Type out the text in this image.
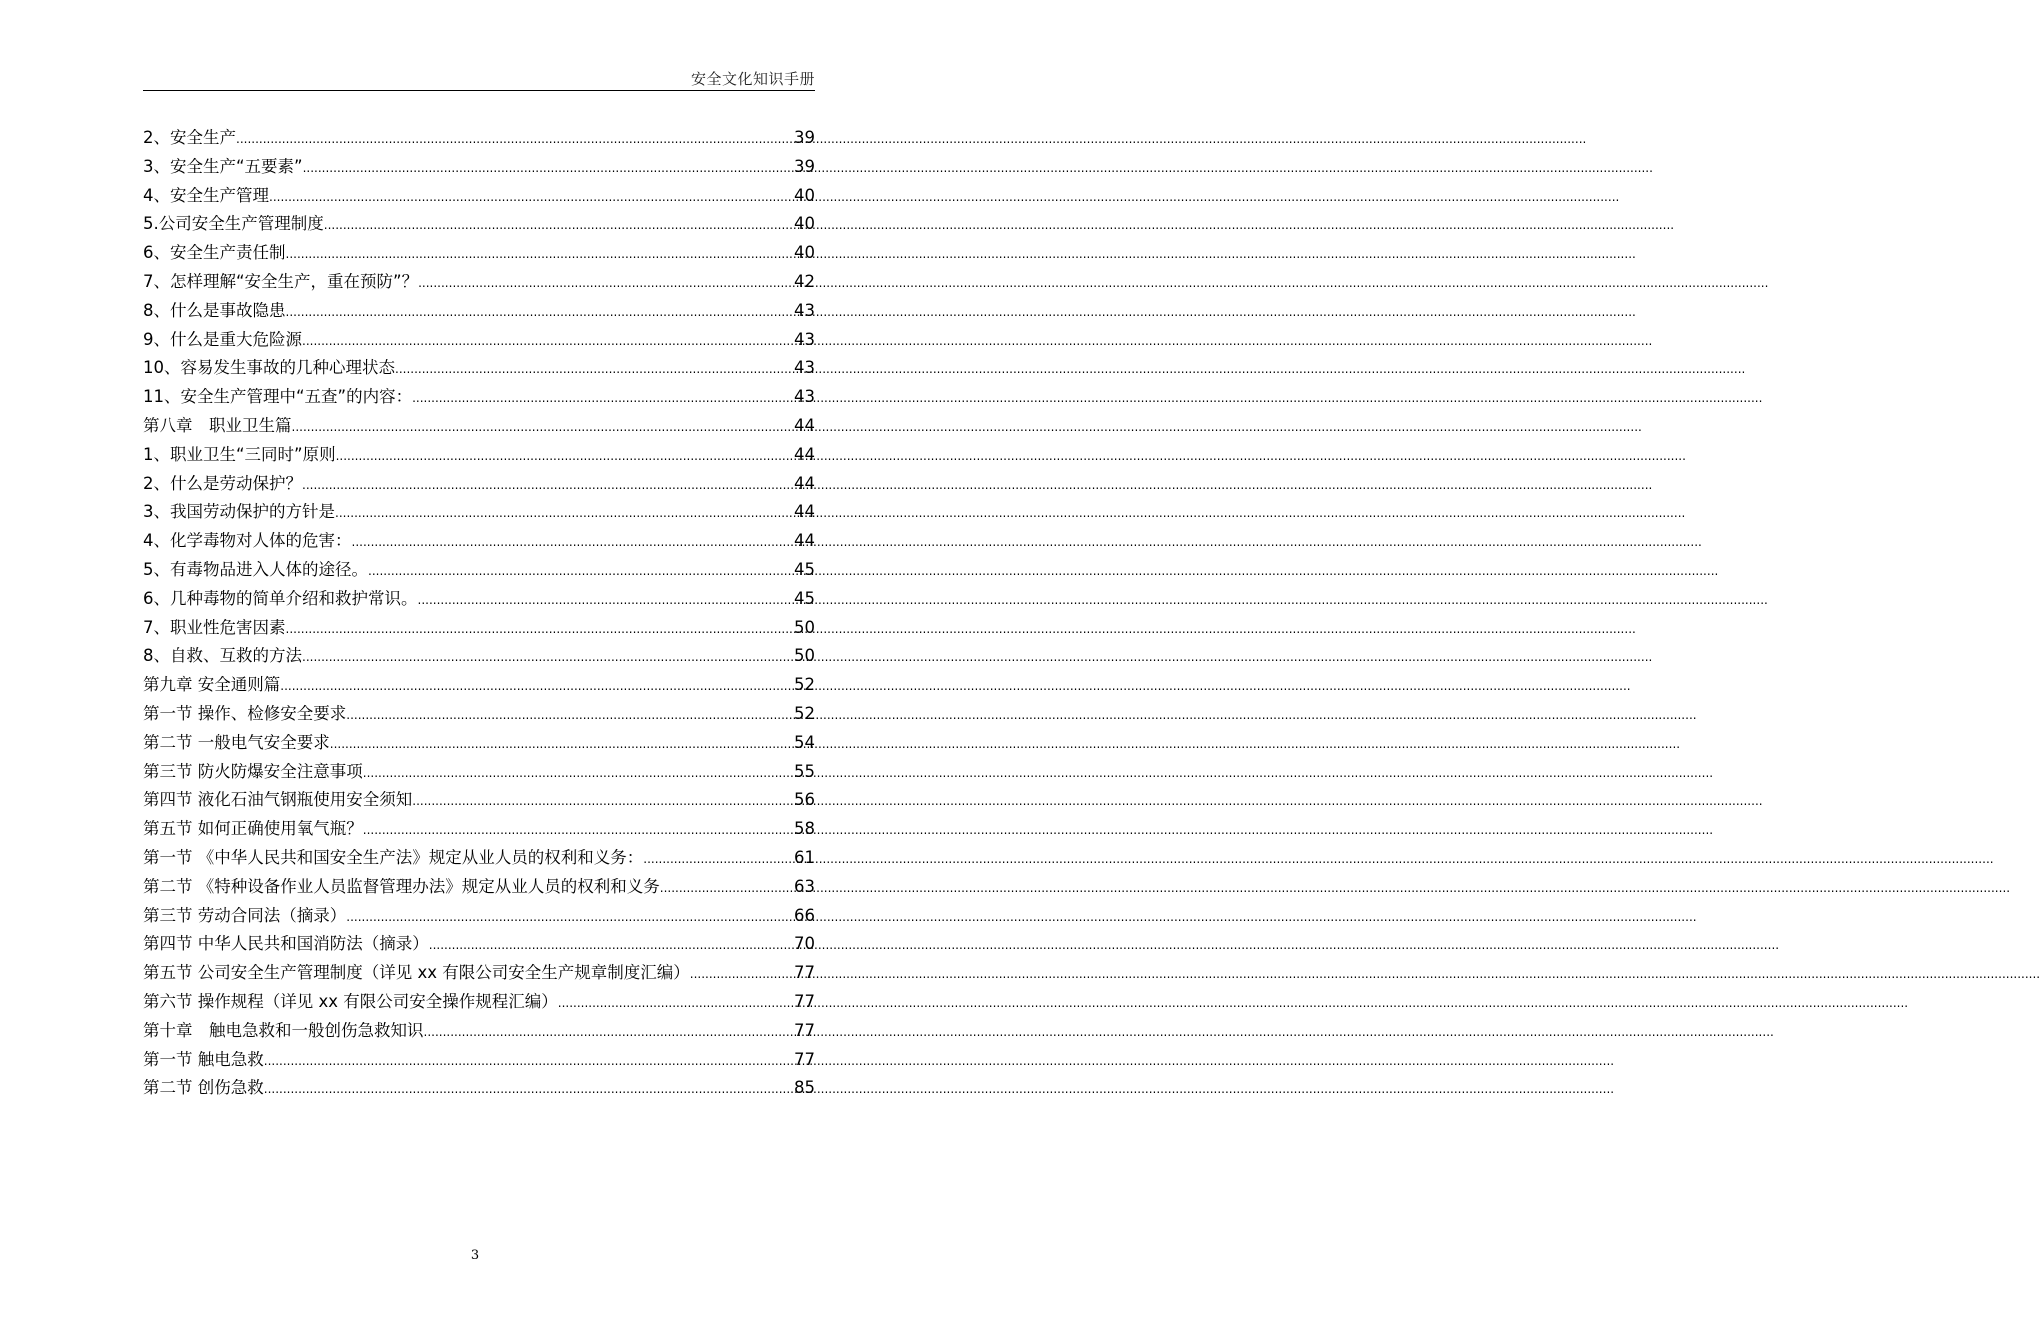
安全文化知识手册
2、安全生产 .....	39
3、安全生产“五要素” .....	39
4、安全生产管理 .....	40
5.公司安全生产管理制度 .....	40
6、安全生产责任制 .....	40
7、怎样理解“安全生产，重在预防”？ .....	42
8、什么是事故隐患 .....	43
9、什么是重大危险源 .....	43
10、容易发生事故的几种心理状态 .....	43
11、安全生产管理中“五查”的内容： .....	43
第八章　职业卫生篇 .....	44
1、职业卫生“三同时”原则 .....	44
2、什么是劳动保护？ .....	44
3、我国劳动保护的方针是 .....	44
4、化学毒物对人体的危害： .....	44
5、有毒物品进入人体的途径。 .....	45
6、几种毒物的简单介绍和救护常识。 .....	45
7、职业性危害因素 .....	50
8、自救、互救的方法 .....	50
第九章 安全通则篇 .....	52
第一节 操作、检修安全要求 .....	52
第二节 一般电气安全要求 .....	54
第三节 防火防爆安全注意事项 .....	55
第四节 液化石油气钢瓶使用安全须知 .....	56
第五节 如何正确使用氧气瓶？ .....	58
第一节 《中华人民共和国安全生产法》规定从业人员的权利和义务： .....	61
第二节 《特种设备作业人员监督管理办法》规定从业人员的权利和义务 .....	63
第三节 劳动合同法（摘录） .....	66
第四节 中华人民共和国消防法（摘录） .....	70
第五节 公司安全生产管理制度（详见 xx 有限公司安全生产规章制度汇编） .....	77
第六节 操作规程（详见 xx 有限公司安全操作规程汇编） .....	77
第十章　触电急救和一般创伤急救知识 .....	77
第一节 触电急救 .....	77
第二节 创伤急救 .....	85
3
